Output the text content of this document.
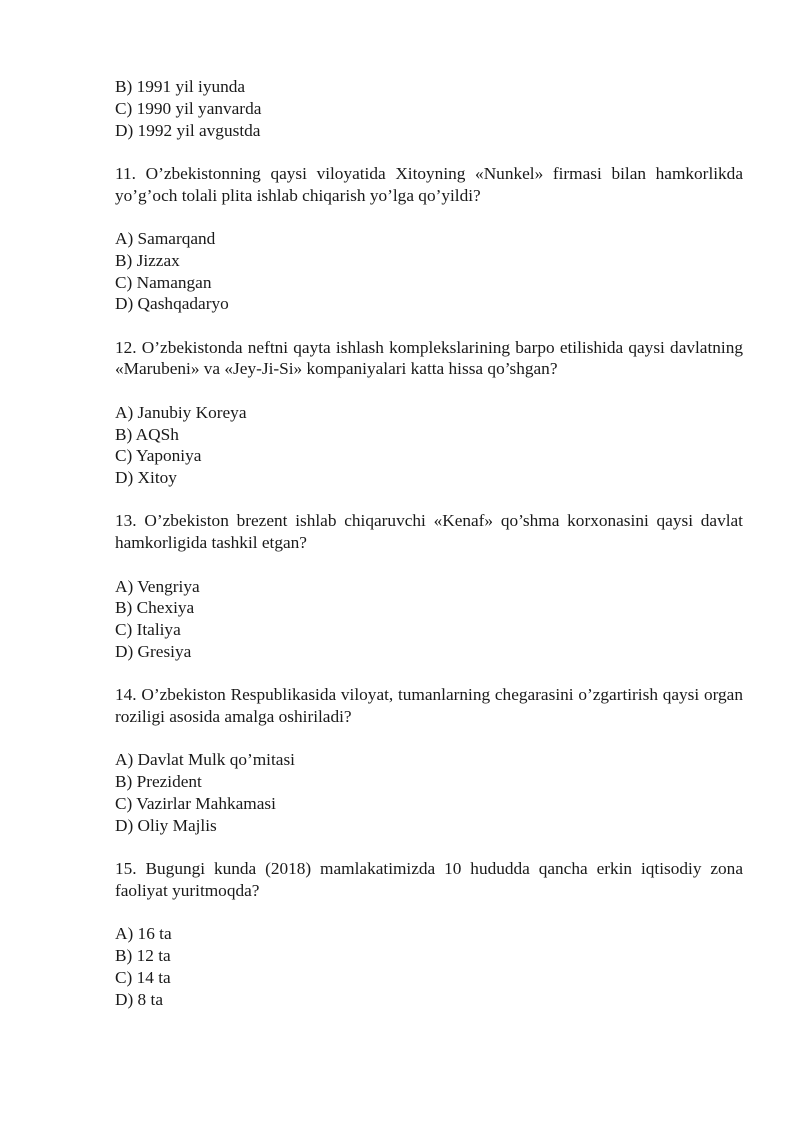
B) 1991 yil iyunda

C) 1990 yil yanvarda

D) 1992 yil avgustda

11. O’zbekistonning qaysi viloyatida Xitoyning «Nunkel» firmasi bilan hamkorlikda yo’g’och tolali plita ishlab chiqarish yo’lga qo’yildi?

A) Samarqand

B) Jizzax

C) Namangan

D) Qashqadaryo

12. O’zbekistonda neftni qayta ishlash komplekslarining barpo etilishida qaysi davlatning «Marubeni» va «Jey-Ji-Si» kompaniyalari katta hissa qo’shgan?

A) Janubiy Koreya

B) AQSh

C) Yaponiya

D) Xitoy

13. O’zbekiston brezent ishlab chiqaruvchi «Kenaf» qo’shma korxonasini qaysi davlat hamkorligida tashkil etgan?

A) Vengriya

B) Chexiya

C) Italiya

D) Gresiya

14. O’zbekiston Respublikasida viloyat, tumanlarning chegarasini o’zgartirish qaysi organ roziligi asosida amalga oshiriladi?

A) Davlat Mulk qo’mitasi

B) Prezident

C) Vazirlar Mahkamasi

D) Oliy Majlis

15. Bugungi kunda (2018) mamlakatimizda 10 hududda qancha erkin iqtisodiy zona faoliyat yuritmoqda?

A) 16 ta

B) 12 ta

C) 14 ta

D) 8 ta
